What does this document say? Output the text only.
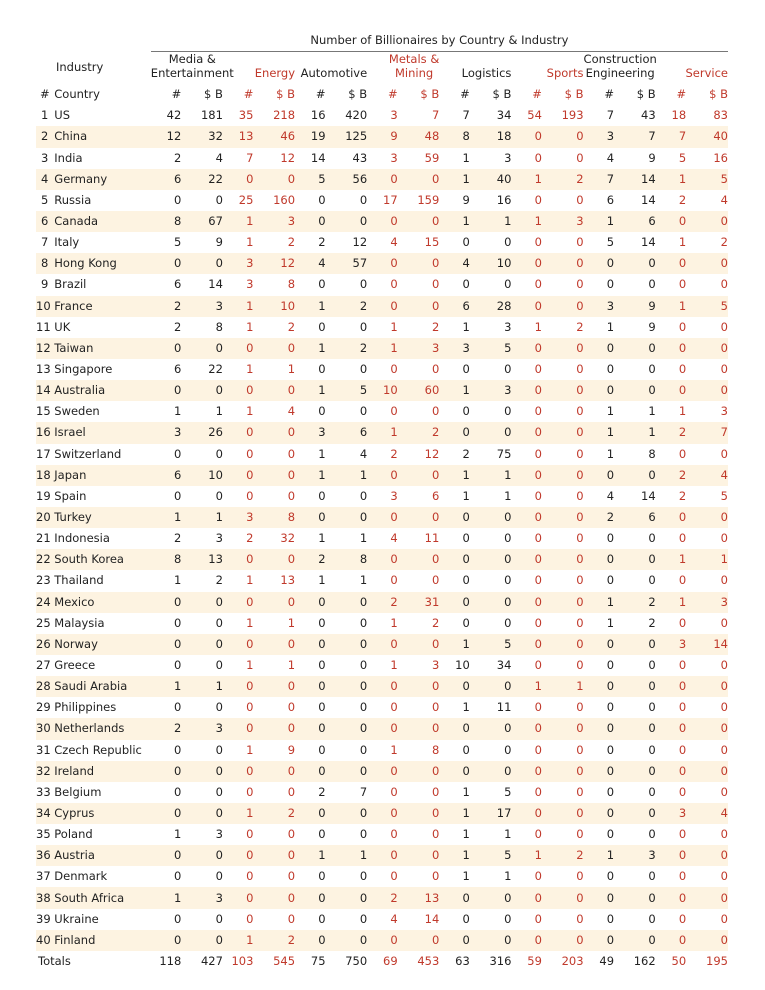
		Number of Billionaires by Country & Industry															
Industry		Media &
Entertainment		Energy		Automotive		Metals &
Mining		Logistics		Sports		Construction
Engineering		Service	
#	Country	#	$ B	#	$ B	#	$ B	#	$ B	#	$ B	#	$ B	#	$ B	#	$ B
1	US	42	181	35	218	16	420	3	7	7	34	54	193	7	43	18	83
2	China	12	32	13	46	19	125	9	48	8	18	0	0	3	7	7	40
3	India	2	4	7	12	14	43	3	59	1	3	0	0	4	9	5	16
4	Germany	6	22	0	0	5	56	0	0	1	40	1	2	7	14	1	5
5	Russia	0	0	25	160	0	0	17	159	9	16	0	0	6	14	2	4
6	Canada	8	67	1	3	0	0	0	0	1	1	1	3	1	6	0	0
7	Italy	5	9	1	2	2	12	4	15	0	0	0	0	5	14	1	2
8	Hong Kong	0	0	3	12	4	57	0	0	4	10	0	0	0	0	0	0
9	Brazil	6	14	3	8	0	0	0	0	0	0	0	0	0	0	0	0
10	France	2	3	1	10	1	2	0	0	6	28	0	0	3	9	1	5
11	UK	2	8	1	2	0	0	1	2	1	3	1	2	1	9	0	0
12	Taiwan	0	0	0	0	1	2	1	3	3	5	0	0	0	0	0	0
13	Singapore	6	22	1	1	0	0	0	0	0	0	0	0	0	0	0	0
14	Australia	0	0	0	0	1	5	10	60	1	3	0	0	0	0	0	0
15	Sweden	1	1	1	4	0	0	0	0	0	0	0	0	1	1	1	3
16	Israel	3	26	0	0	3	6	1	2	0	0	0	0	1	1	2	7
17	Switzerland	0	0	0	0	1	4	2	12	2	75	0	0	1	8	0	0
18	Japan	6	10	0	0	1	1	0	0	1	1	0	0	0	0	2	4
19	Spain	0	0	0	0	0	0	3	6	1	1	0	0	4	14	2	5
20	Turkey	1	1	3	8	0	0	0	0	0	0	0	0	2	6	0	0
21	Indonesia	2	3	2	32	1	1	4	11	0	0	0	0	0	0	0	0
22	South Korea	8	13	0	0	2	8	0	0	0	0	0	0	0	0	1	1
23	Thailand	1	2	1	13	1	1	0	0	0	0	0	0	0	0	0	0
24	Mexico	0	0	0	0	0	0	2	31	0	0	0	0	1	2	1	3
25	Malaysia	0	0	1	1	0	0	1	2	0	0	0	0	1	2	0	0
26	Norway	0	0	0	0	0	0	0	0	1	5	0	0	0	0	3	14
27	Greece	0	0	1	1	0	0	1	3	10	34	0	0	0	0	0	0
28	Saudi Arabia	1	1	0	0	0	0	0	0	0	0	1	1	0	0	0	0
29	Philippines	0	0	0	0	0	0	0	0	1	11	0	0	0	0	0	0
30	Netherlands	2	3	0	0	0	0	0	0	0	0	0	0	0	0	0	0
31	Czech Republic	0	0	1	9	0	0	1	8	0	0	0	0	0	0	0	0
32	Ireland	0	0	0	0	0	0	0	0	0	0	0	0	0	0	0	0
33	Belgium	0	0	0	0	2	7	0	0	1	5	0	0	0	0	0	0
34	Cyprus	0	0	1	2	0	0	0	0	1	17	0	0	0	0	3	4
35	Poland	1	3	0	0	0	0	0	0	1	1	0	0	0	0	0	0
36	Austria	0	0	0	0	1	1	0	0	1	5	1	2	1	3	0	0
37	Denmark	0	0	0	0	0	0	0	0	1	1	0	0	0	0	0	0
38	South Africa	1	3	0	0	0	0	2	13	0	0	0	0	0	0	0	0
39	Ukraine	0	0	0	0	0	0	4	14	0	0	0	0	0	0	0	0
40	Finland	0	0	1	2	0	0	0	0	0	0	0	0	0	0	0	0
Totals		118	427	103	545	75	750	69	453	63	316	59	203	49	162	50	195
